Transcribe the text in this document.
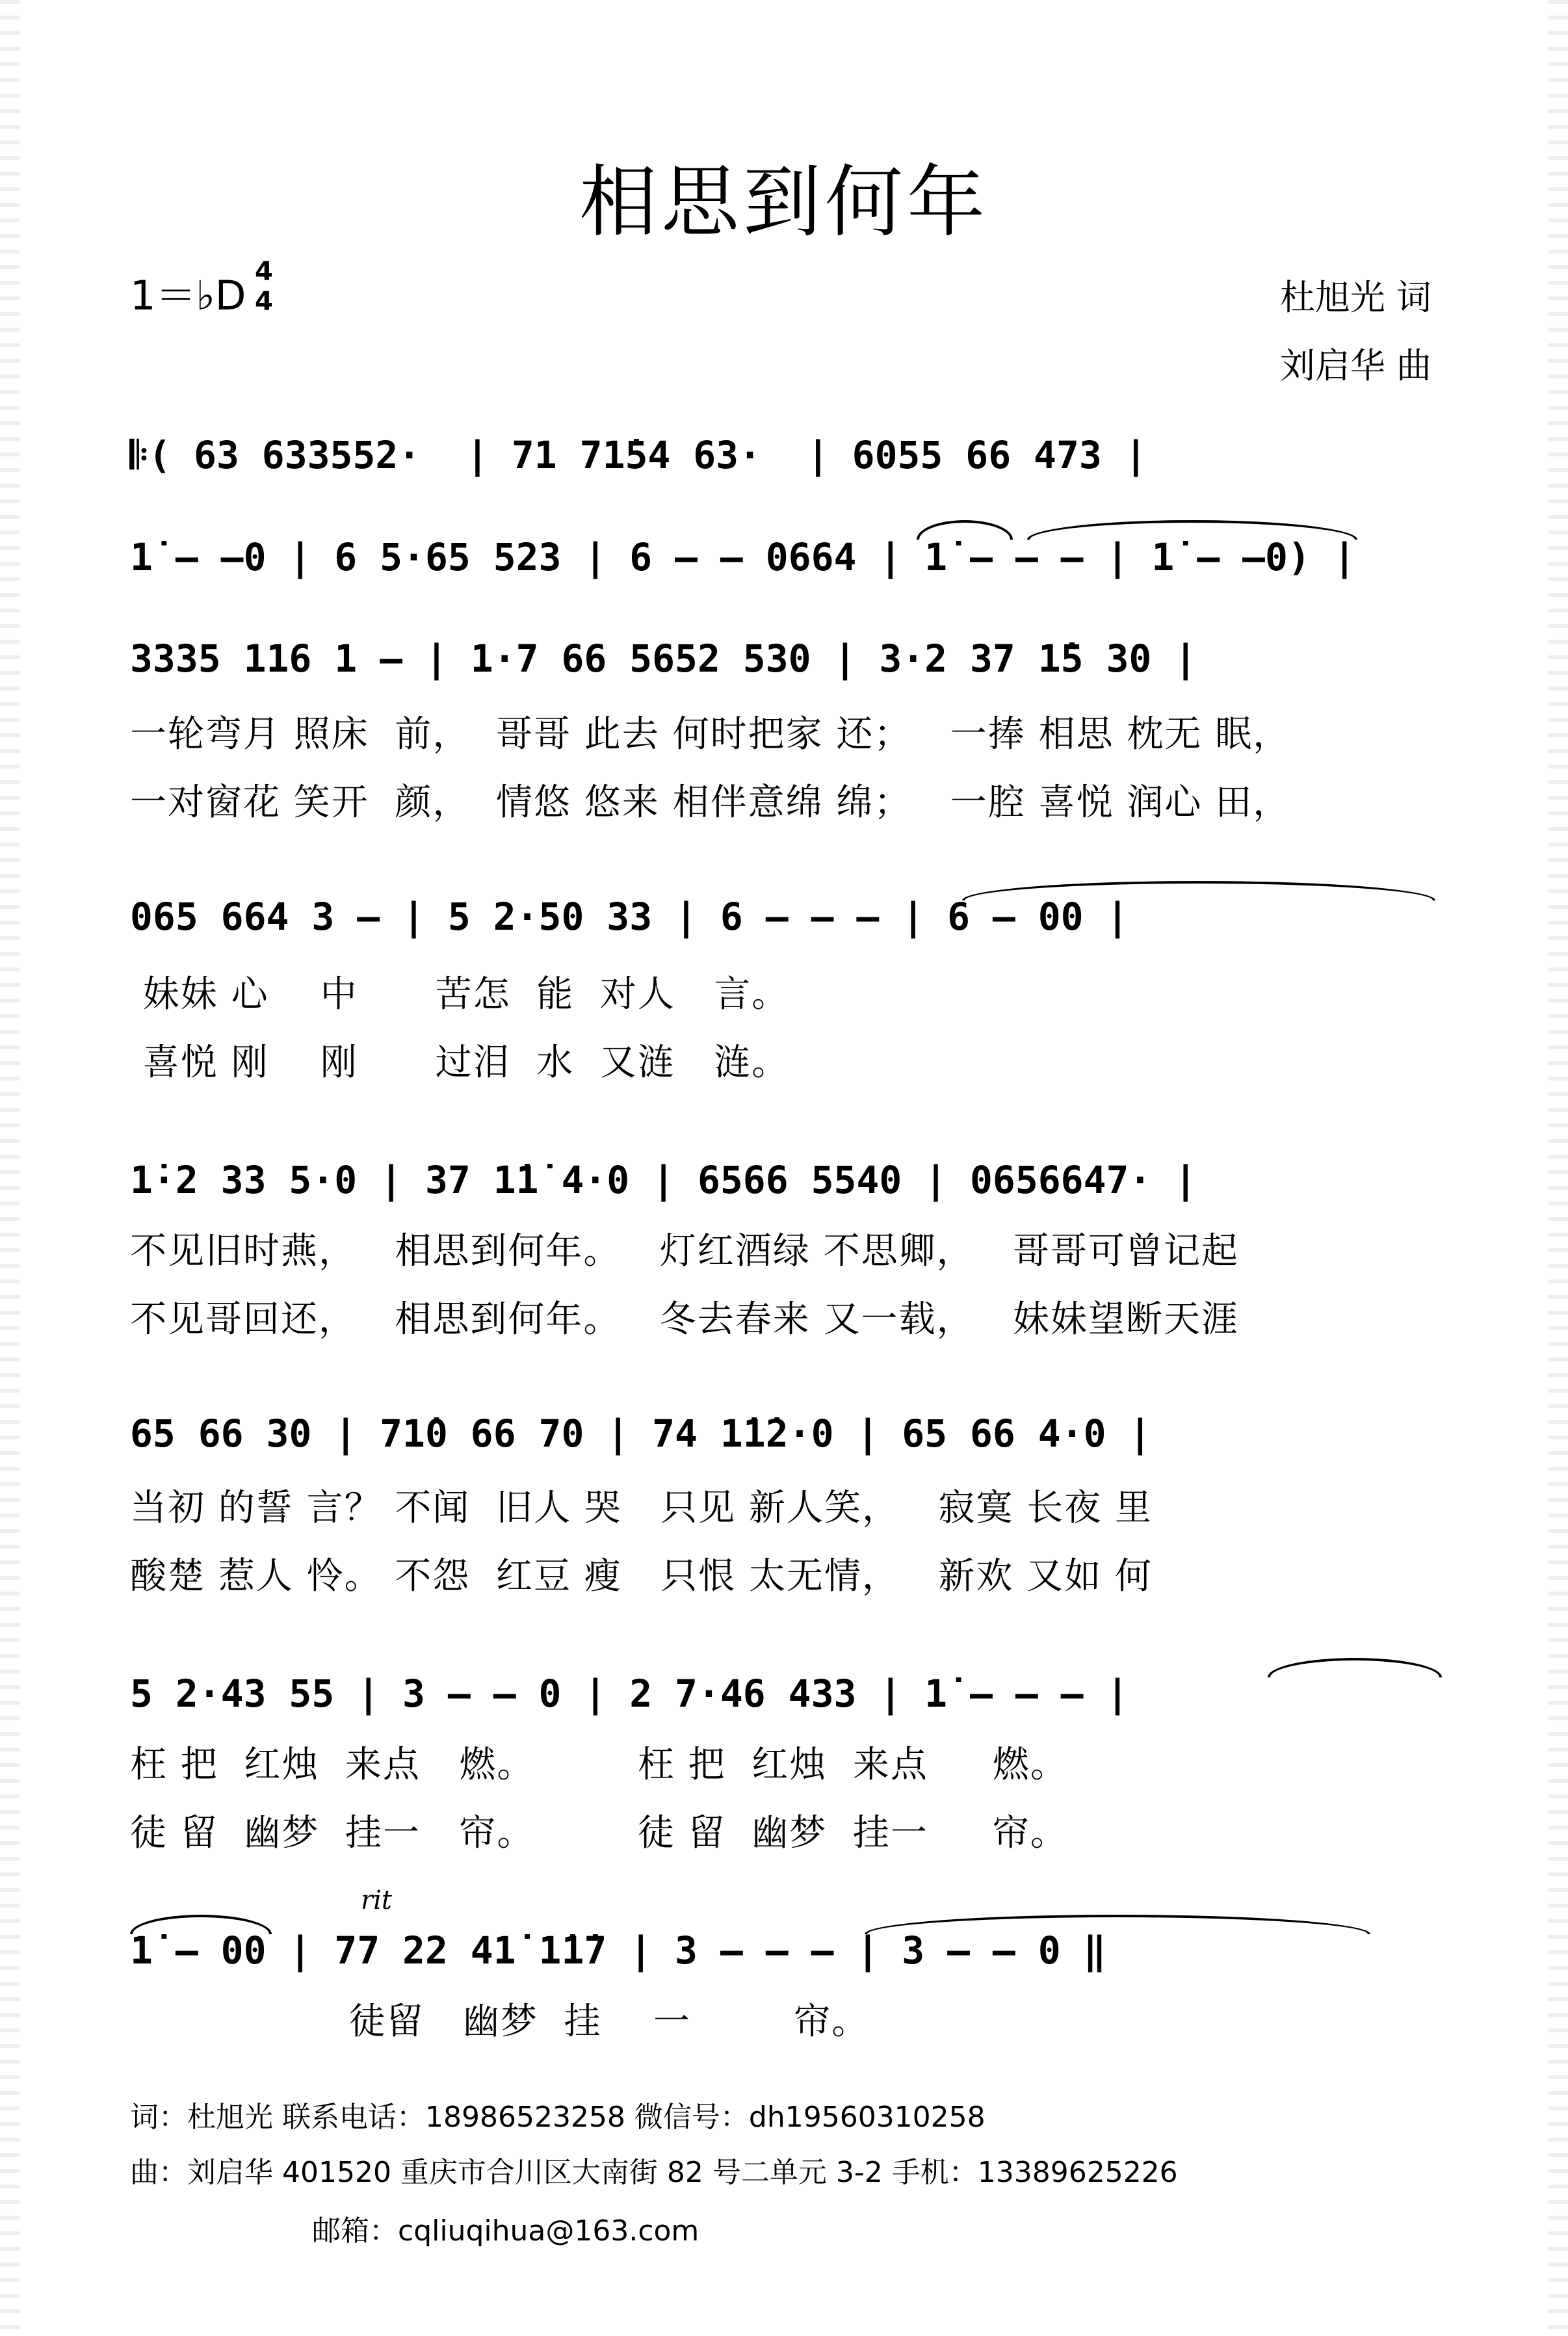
相思到何年
1＝♭D 4
4	杜旭光 词
刘启华 曲
𝄆( 63 633552·  | 71 71̇54 63·  | 6055 66 473 |
1̇ – –0 | 6 5·65 523 | 6 – – 0664 | 1̇ – – – | 1̇ – –0) |
3335 116 1 – | 1·7 66 5652 530 | 3·2 37 1̇5 30 |
一轮弯月 照床  前，  哥哥 此去 何时把家 还；   一捧 相思 枕无 眠，
一对窗花 笑开  颜，  情悠 悠来 相伴意绵 绵；   一腔 喜悦 润心 田，
065 664 3 – | 5 2·50 33 | 6 – – – | 6 – 00 |
妹妹 心    中      苦怎  能  对人   言。
喜悦 刚    刚      过泪  水  又涟   涟。
1̇·2 33 5·0 | 37 1̇1̇ 4·0 | 6566 5540 | 0656647· |
不见旧时燕，   相思到何年。   灯红酒绿 不思卿，   哥哥可曾记起
不见哥回还，   相思到何年。   冬去春来 又一载，   妹妹望断天涯
65 66 30 | 71̇0 66 70 | 74 1̇1̇2·0 | 65 66 4·0 |
当初 的誓 言？ 不闻  旧人 哭   只见 新人笑，   寂寞 长夜 里
酸楚 惹人 怜。 不怨  红豆 瘦   只恨 太无情，   新欢 又如 何
5 2·43 55 | 3 – – 0 | 2 7·46 433 | 1̇ – – – |
枉 把  红烛  来点   燃。        枉 把  红烛  来点     燃。
徒 留  幽梦  挂一   帘。        徒 留  幽梦  挂一     帘。
rit
1̇ – 00 | 77 22 41̇ 1̇1̇7 | 3 – – – | 3 – – 0 ‖
徒留   幽梦  挂    一        帘。
词：杜旭光 联系电话：18986523258 微信号：dh19560310258
曲：刘启华 401520 重庆市合川区大南街 82 号二单元 3-2 手机：13389625226
邮箱：cqliuqihua@163.com
